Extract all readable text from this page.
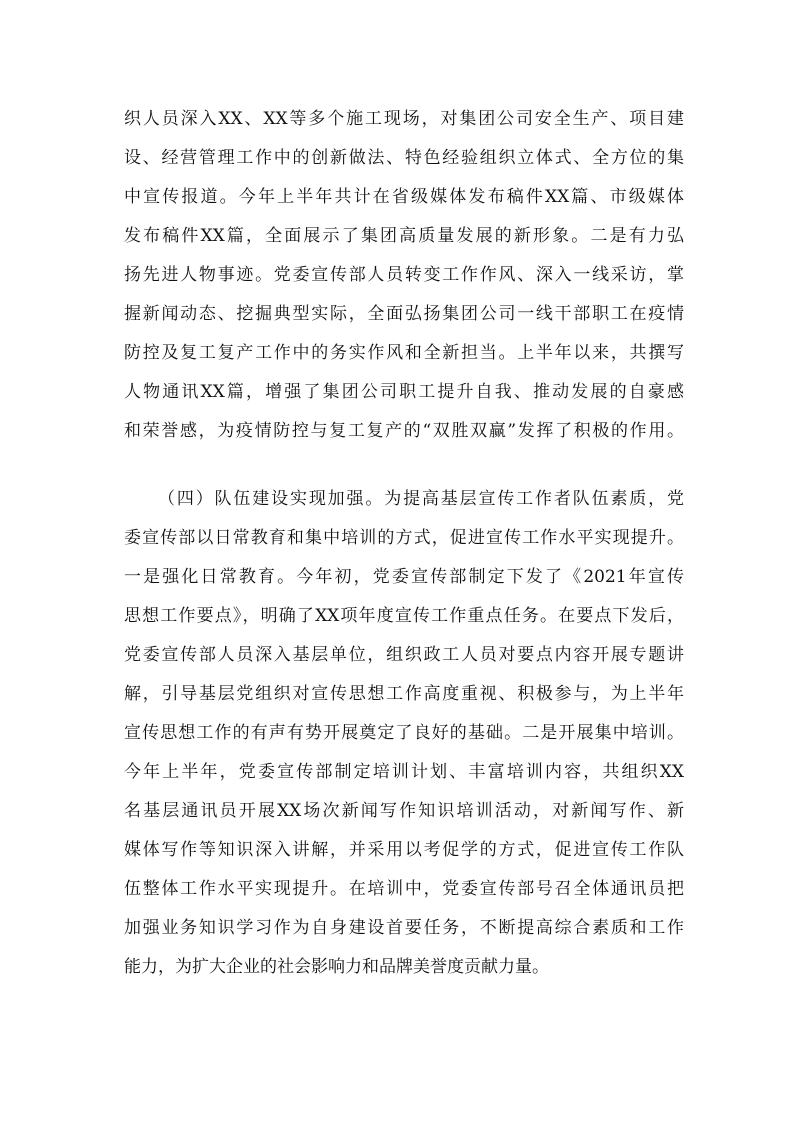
织人员深入XX、XX等多个施工现场，对集团公司安全生产、项目建
设、经营管理工作中的创新做法、特色经验组织立体式、全方位的集
中宣传报道。今年上半年共计在省级媒体发布稿件XX篇、市级媒体
发布稿件XX篇，全面展示了集团高质量发展的新形象。二是有力弘
扬先进人物事迹。党委宣传部人员转变工作作风、深入一线采访，掌
握新闻动态、挖掘典型实际，全面弘扬集团公司一线干部职工在疫情
防控及复工复产工作中的务实作风和全新担当。上半年以来，共撰写
人物通讯XX篇，增强了集团公司职工提升自我、推动发展的自豪感
和荣誉感，为疫情防控与复工复产的“双胜双赢”发挥了积极的作用。
（四）队伍建设实现加强。为提高基层宣传工作者队伍素质，党
委宣传部以日常教育和集中培训的方式，促进宣传工作水平实现提升。
一是强化日常教育。今年初，党委宣传部制定下发了《2021年宣传
思想工作要点》，明确了XX项年度宣传工作重点任务。在要点下发后，
党委宣传部人员深入基层单位，组织政工人员对要点内容开展专题讲
解，引导基层党组织对宣传思想工作高度重视、积极参与，为上半年
宣传思想工作的有声有势开展奠定了良好的基础。二是开展集中培训。
今年上半年，党委宣传部制定培训计划、丰富培训内容，共组织XX
名基层通讯员开展XX场次新闻写作知识培训活动，对新闻写作、新
媒体写作等知识深入讲解，并采用以考促学的方式，促进宣传工作队
伍整体工作水平实现提升。在培训中，党委宣传部号召全体通讯员把
加强业务知识学习作为自身建设首要任务，不断提高综合素质和工作
能力，为扩大企业的社会影响力和品牌美誉度贡献力量。
